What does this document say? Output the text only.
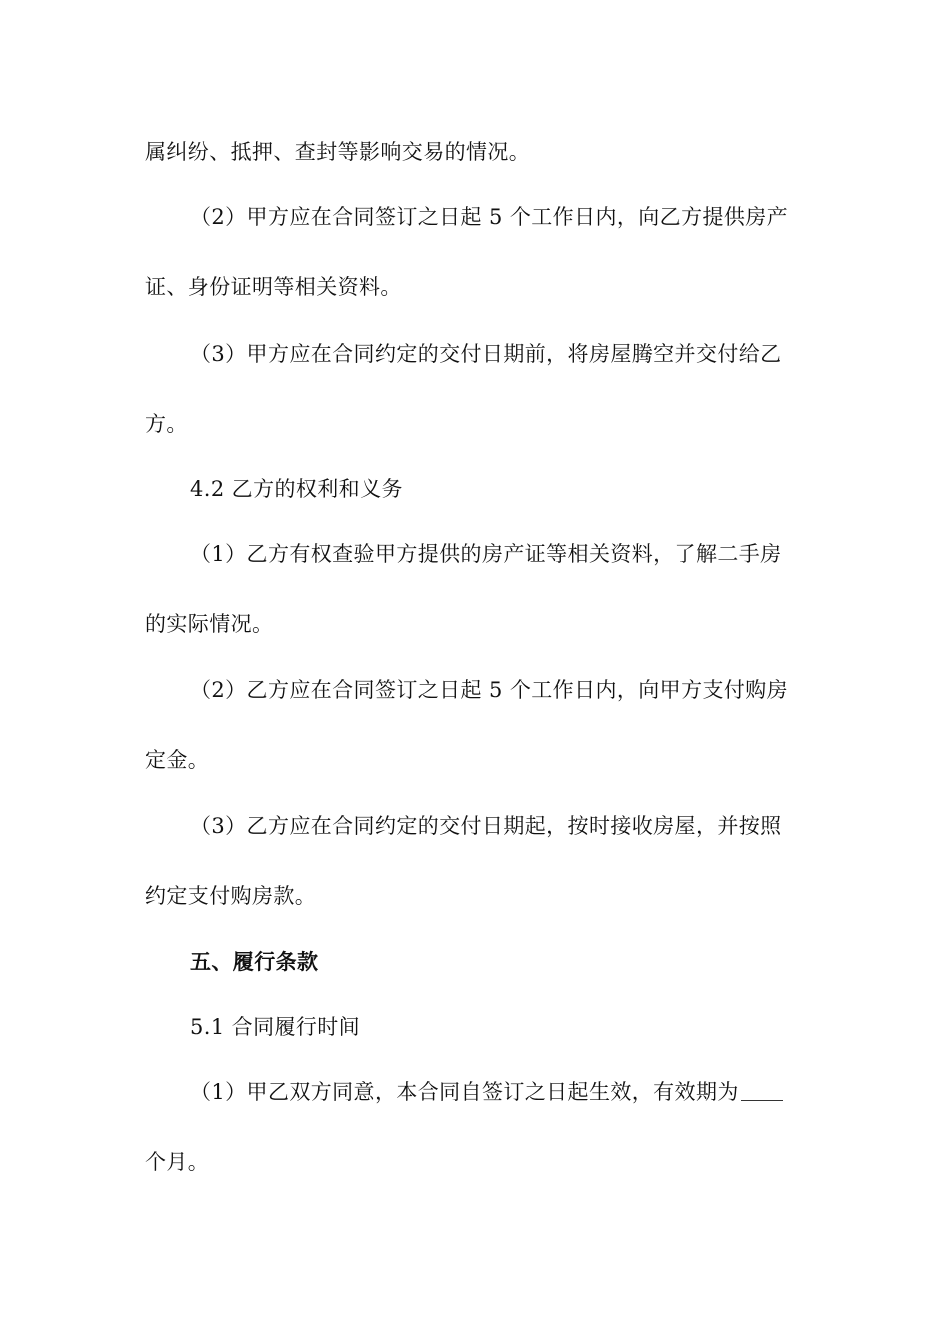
属纠纷、抵押、查封等影响交易的情况。
（2）甲方应在合同签订之日起 5 个工作日内，向乙方提供房产
证、身份证明等相关资料。
（3）甲方应在合同约定的交付日期前，将房屋腾空并交付给乙
方。
4.2 乙方的权利和义务
（1）乙方有权查验甲方提供的房产证等相关资料，了解二手房
的实际情况。
（2）乙方应在合同签订之日起 5 个工作日内，向甲方支付购房
定金。
（3）乙方应在合同约定的交付日期起，按时接收房屋，并按照
约定支付购房款。
五、履行条款
5.1 合同履行时间
（1）甲乙双方同意，本合同自签订之日起生效，有效期为
个月。
